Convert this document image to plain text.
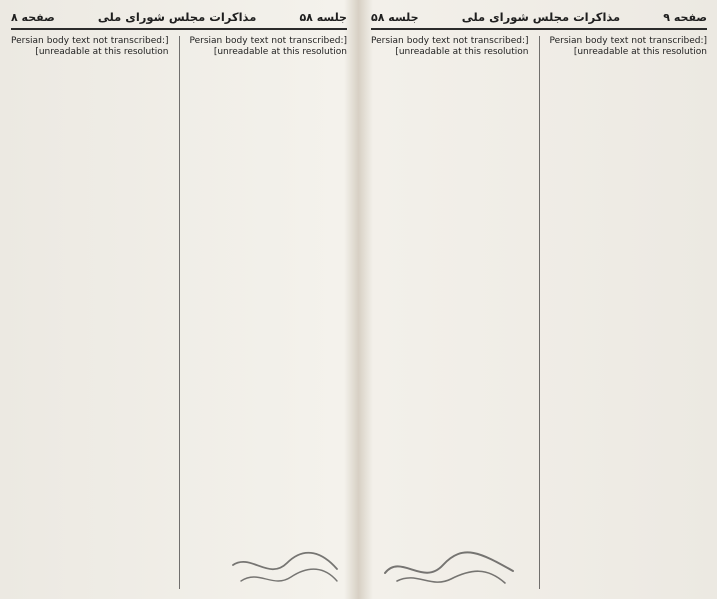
صفحه ۹
مذاکرات مجلس شورای ملی
جلسه ۵۸
[Persian body text not transcribed: unreadable at this resolution]
[Persian body text not transcribed: unreadable at this resolution]
جلسه ۵۸
مذاکرات مجلس شورای ملی
صفحه ۸
[Persian body text not transcribed: unreadable at this resolution]
[Persian body text not transcribed: unreadable at this resolution]
